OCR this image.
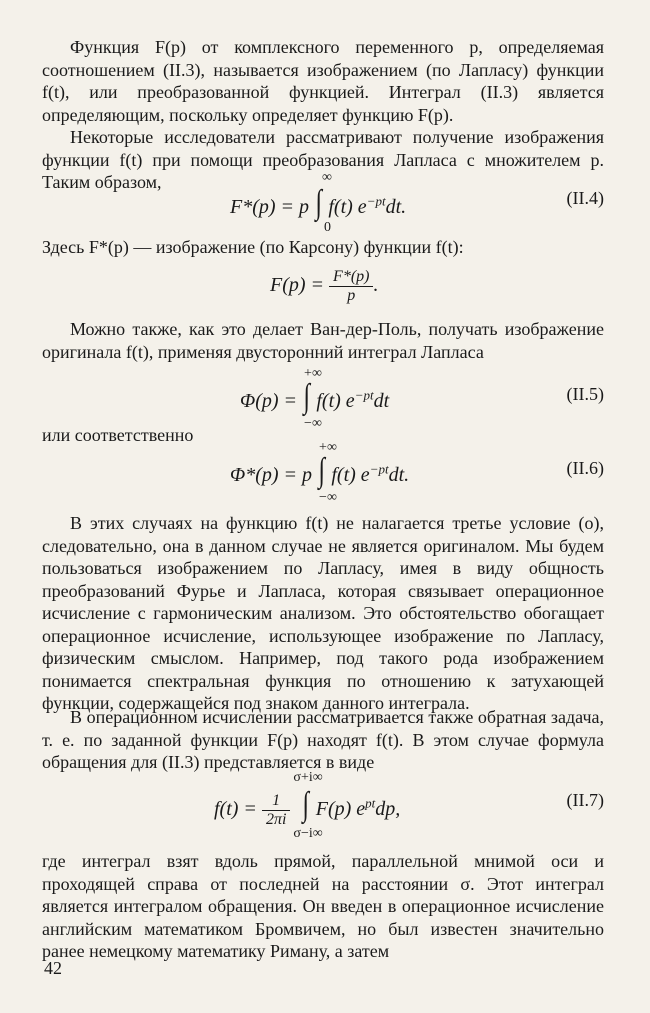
Функция F(p) от комплексного переменного p, определяемая соотношением (II.3), называется изображением (по Лапласу) функции f(t), или преобразованной функцией. Интеграл (II.3) является определяющим, поскольку определяет функцию F(p).

Некоторые исследователи рассматривают получение изображения функции f(t) при помощи преобразования Лапласа с множителем p. Таким образом,

F*(p) = p ∫
∞
0
f(t) $e^{-pt}dt$.	(II.4)

Здесь F*(p) — изображение (по Карсону) функции f(t):

$F(p) = \frac{F*(p)}{p}$ .

Можно также, как это делает Ван-дер-Поль, получать изображение оригинала f(t), применяя двусторонний интеграл Лапласа

Φ(p) = ∫
+∞
−∞
f(t) $e^{-pt}dt$	(II.5)

или соответственно

Φ*(p) = p ∫
+∞
−∞
f(t) $e^{-pt}dt$.	(II.6)

В этих случаях на функцию f(t) не налагается третье условие (о), следовательно, она в данном случае не является оригиналом. Мы будем пользоваться изображением по Лапласу, имея в виду общность преобразований Фурье и Лапласа, которая связывает операционное исчисление с гармоническим анализом. Это обстоятельство обогащает операционное исчисление, использующее изображение по Лапласу, физическим смыслом. Например, под такого рода изображением понимается спектральная функция по отношению к затухающей функции, содержащейся под знаком данного интеграла.

В операционном исчислении рассматривается также обратная задача, т. е. по заданной функции F(p) находят f(t). В этом случае формула обращения для (II.3) представляется в виде

$f(t) = \frac{1}{2\pi i}$ ∫
σ+i∞
σ−i∞
F(p) $e^{pt}dp$,	(II.7)

где интеграл взят вдоль прямой, параллельной мнимой оси и проходящей справа от последней на расстоянии σ. Этот интеграл является интегралом обращения. Он введен в операционное исчисление английским математиком Бромвичем, но был известен значительно ранее немецкому математику Риману, а затем

42
